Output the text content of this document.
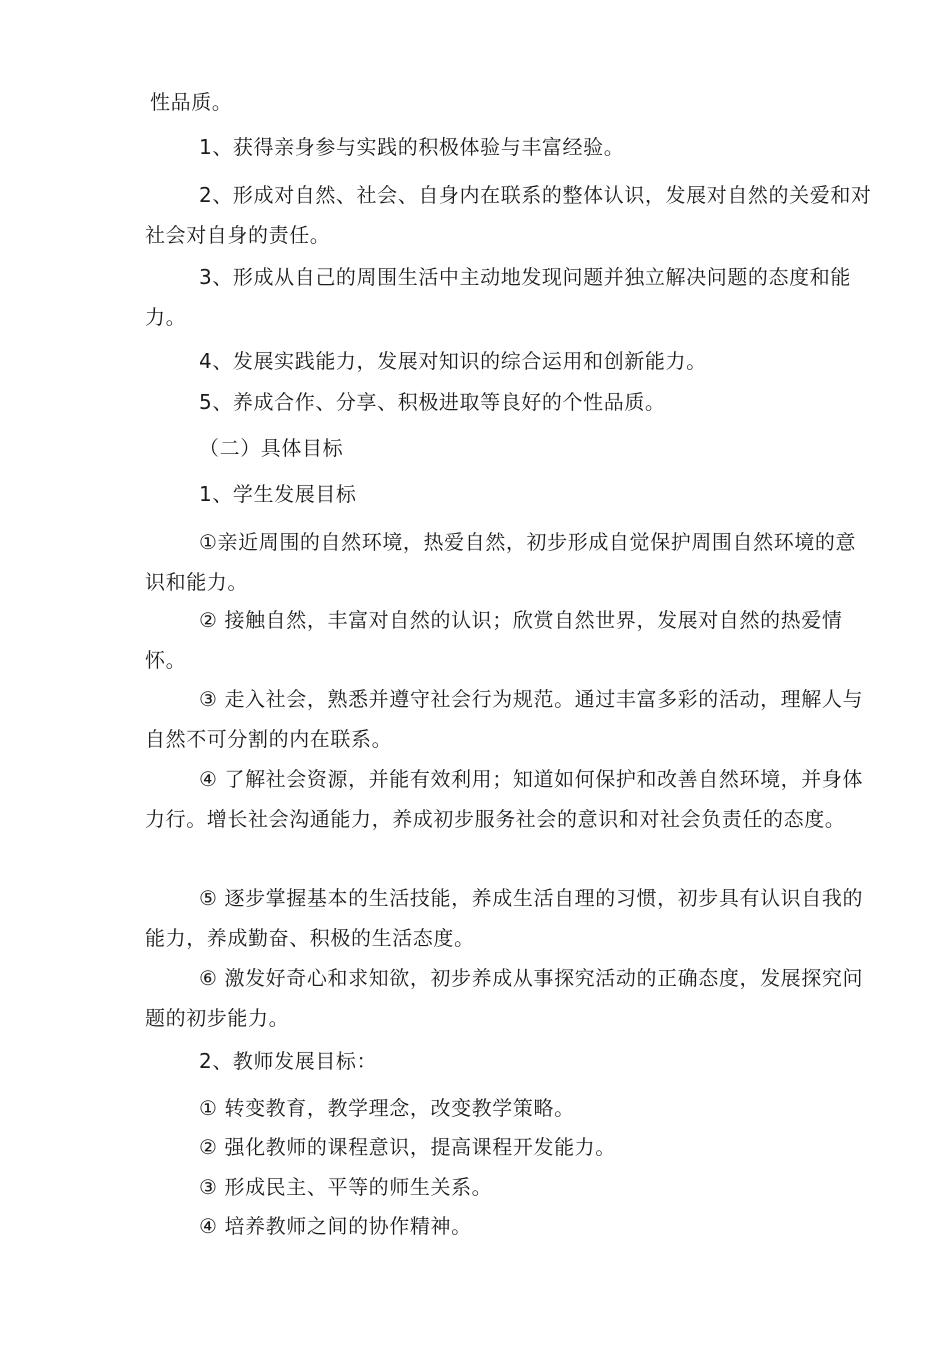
性品质。

1、获得亲身参与实践的积极体验与丰富经验。

2、形成对自然、社会、自身内在联系的整体认识，发展对自然的关爱和对社会对自身的责任。

3、形成从自己的周围生活中主动地发现问题并独立解决问题的态度和能力。

4、发展实践能力，发展对知识的综合运用和创新能力。

5、养成合作、分享、积极进取等良好的个性品质。

（二）具体目标

1、学生发展目标

①亲近周围的自然环境，热爱自然，初步形成自觉保护周围自然环境的意识和能力。

② 接触自然，丰富对自然的认识；欣赏自然世界，发展对自然的热爱情怀。

③ 走入社会，熟悉并遵守社会行为规范。通过丰富多彩的活动，理解人与自然不可分割的内在联系。

④ 了解社会资源，并能有效利用；知道如何保护和改善自然环境，并身体力行。增长社会沟通能力，养成初步服务社会的意识和对社会负责任的态度。

⑤ 逐步掌握基本的生活技能，养成生活自理的习惯，初步具有认识自我的能力，养成勤奋、积极的生活态度。

⑥ 激发好奇心和求知欲，初步养成从事探究活动的正确态度，发展探究问题的初步能力。

2、教师发展目标：

① 转变教育，教学理念，改变教学策略。

② 强化教师的课程意识，提高课程开发能力。

③ 形成民主、平等的师生关系。

④ 培养教师之间的协作精神。
